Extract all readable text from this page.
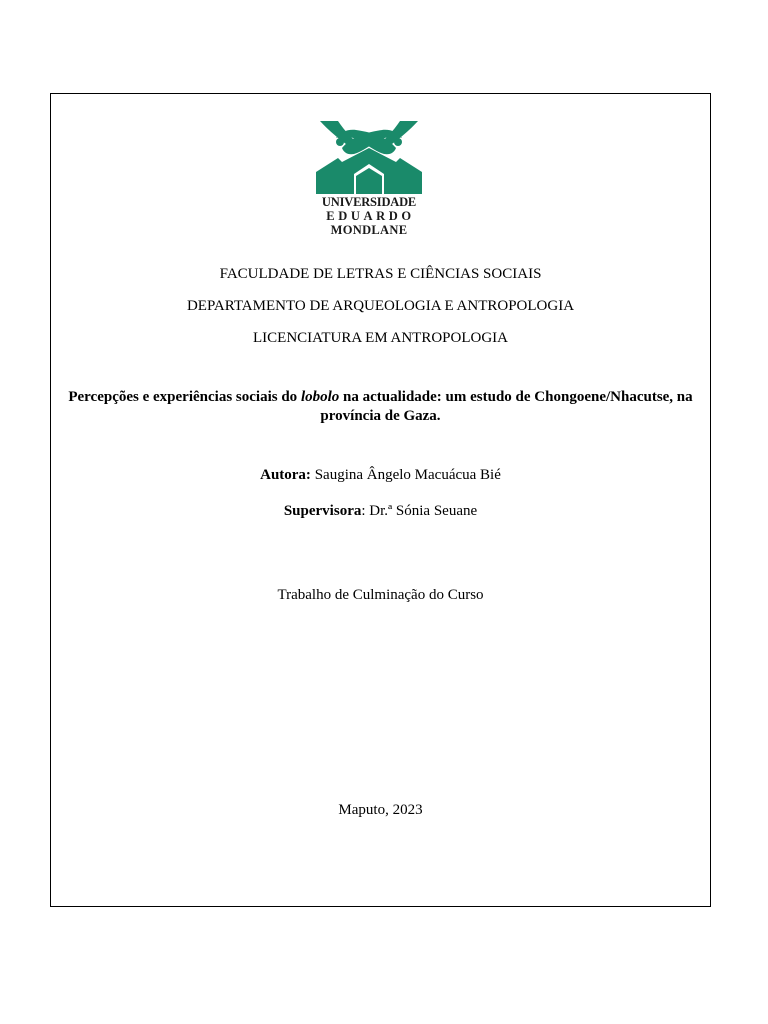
UNIVERSIDADE
EDUARDO
MONDLANE
FACULDADE DE LETRAS E CIÊNCIAS SOCIAIS
DEPARTAMENTO DE ARQUEOLOGIA E ANTROPOLOGIA
LICENCIATURA EM ANTROPOLOGIA
Percepções e experiências sociais do lobolo na actualidade: um estudo de Chongoene/Nhacutse, na província de Gaza.
Autora: Saugina Ângelo Macuácua Bié
Supervisora: Dr.ª Sónia Seuane
Trabalho de Culminação do Curso
Maputo, 2023
